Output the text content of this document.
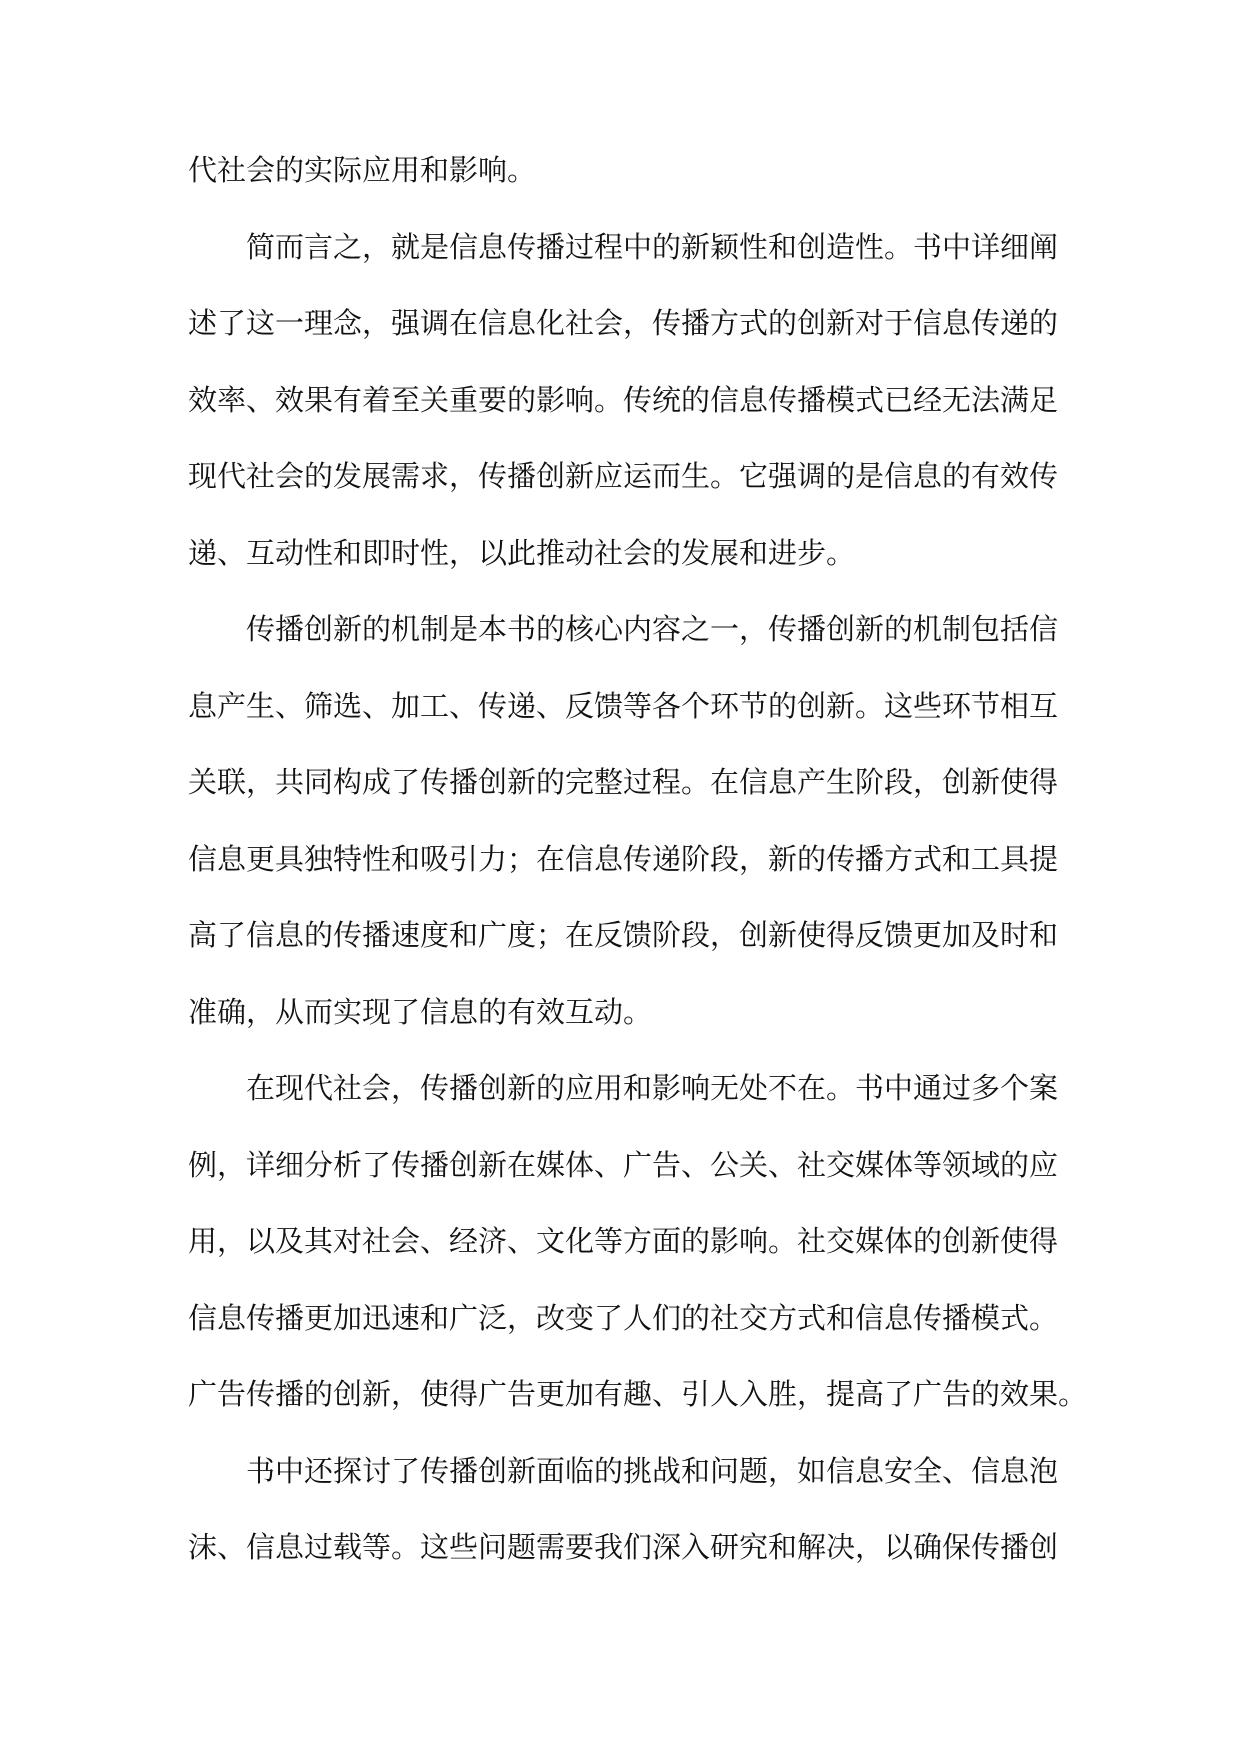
代社会的实际应用和影响。
简而言之，就是信息传播过程中的新颖性和创造性。书中详细阐
述了这一理念，强调在信息化社会，传播方式的创新对于信息传递的
效率、效果有着至关重要的影响。传统的信息传播模式已经无法满足
现代社会的发展需求，传播创新应运而生。它强调的是信息的有效传
递、互动性和即时性，以此推动社会的发展和进步。
传播创新的机制是本书的核心内容之一，传播创新的机制包括信
息产生、筛选、加工、传递、反馈等各个环节的创新。这些环节相互
关联，共同构成了传播创新的完整过程。在信息产生阶段，创新使得
信息更具独特性和吸引力；在信息传递阶段，新的传播方式和工具提
高了信息的传播速度和广度；在反馈阶段，创新使得反馈更加及时和
准确，从而实现了信息的有效互动。
在现代社会，传播创新的应用和影响无处不在。书中通过多个案
例，详细分析了传播创新在媒体、广告、公关、社交媒体等领域的应
用，以及其对社会、经济、文化等方面的影响。社交媒体的创新使得
信息传播更加迅速和广泛，改变了人们的社交方式和信息传播模式。
广告传播的创新，使得广告更加有趣、引人入胜，提高了广告的效果。
书中还探讨了传播创新面临的挑战和问题，如信息安全、信息泡
沫、信息过载等。这些问题需要我们深入研究和解决，以确保传播创
